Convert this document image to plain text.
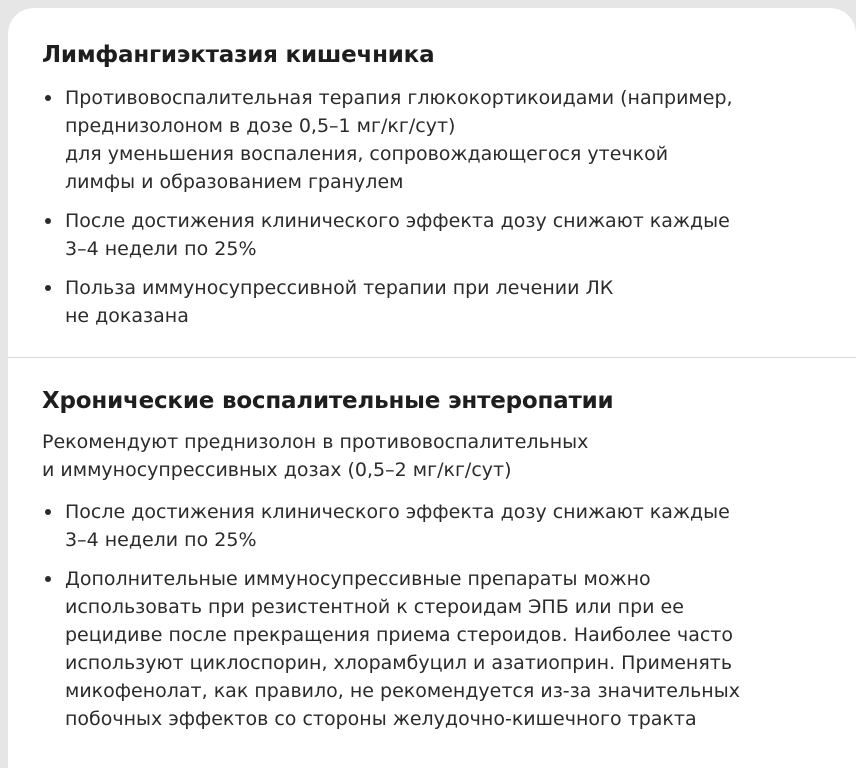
Лимфангиэктазия кишечника
Противовоспалительная терапия глюкокортикоидами (например,
преднизолоном в дозе 0,5–1 мг/кг/сут)
для уменьшения воспаления, сопровождающегося утечкой
лимфы и образованием гранулем
После достижения клинического эффекта дозу снижают каждые
3–4 недели по 25%
Польза иммуносупрессивной терапии при лечении ЛК
не доказана
Хронические воспалительные энтеропатии

Рекомендуют преднизолон в противовоспалительных
и иммуносупрессивных дозах (0,5–2 мг/кг/сут)

После достижения клинического эффекта дозу снижают каждые
3–4 недели по 25%
Дополнительные иммуносупрессивные препараты можно
использовать при резистентной к стероидам ЭПБ или при ее
рецидиве после прекращения приема стероидов. Наиболее часто
используют циклоспорин, хлорамбуцил и азатиоприн. Применять
микофенолат, как правило, не рекомендуется из-за значительных
побочных эффектов со стороны желудочно-кишечного тракта
